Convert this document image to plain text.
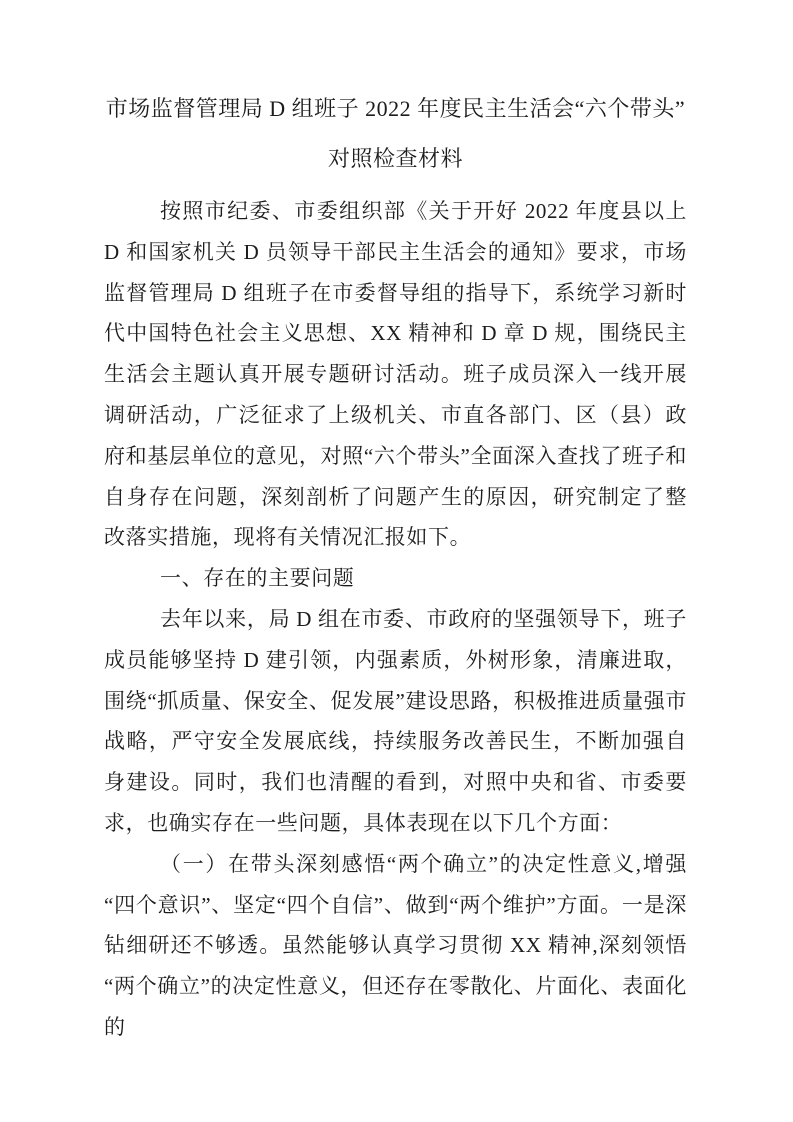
市场监督管理局 D 组班子 2022 年度民主生活会“六个带头”
对照检查材料

按照市纪委、市委组织部《关于开好 2022 年度县以上 D 和国家机关 D 员领导干部民主生活会的通知》要求，市场监督管理局 D 组班子在市委督导组的指导下，系统学习新时代中国特色社会主义思想、XX 精神和 D 章 D 规，围绕民主生活会主题认真开展专题研讨活动。班子成员深入一线开展调研活动，广泛征求了上级机关、市直各部门、区（县）政府和基层单位的意见，对照“六个带头”全面深入查找了班子和自身存在问题，深刻剖析了问题产生的原因，研究制定了整改落实措施，现将有关情况汇报如下。

一、存在的主要问题

去年以来，局 D 组在市委、市政府的坚强领导下，班子成员能够坚持 D 建引领，内强素质，外树形象，清廉进取，围绕“抓质量、保安全、促发展”建设思路，积极推进质量强市战略，严守安全发展底线，持续服务改善民生，不断加强自身建设。同时，我们也清醒的看到，对照中央和省、市委要求，也确实存在一些问题，具体表现在以下几个方面：

（一）在带头深刻感悟“两个确立”的决定性意义,增强“四个意识”、坚定“四个自信”、做到“两个维护”方面。一是深钻细研还不够透。虽然能够认真学习贯彻 XX 精神,深刻领悟“两个确立”的决定性意义，但还存在零散化、片面化、表面化的
